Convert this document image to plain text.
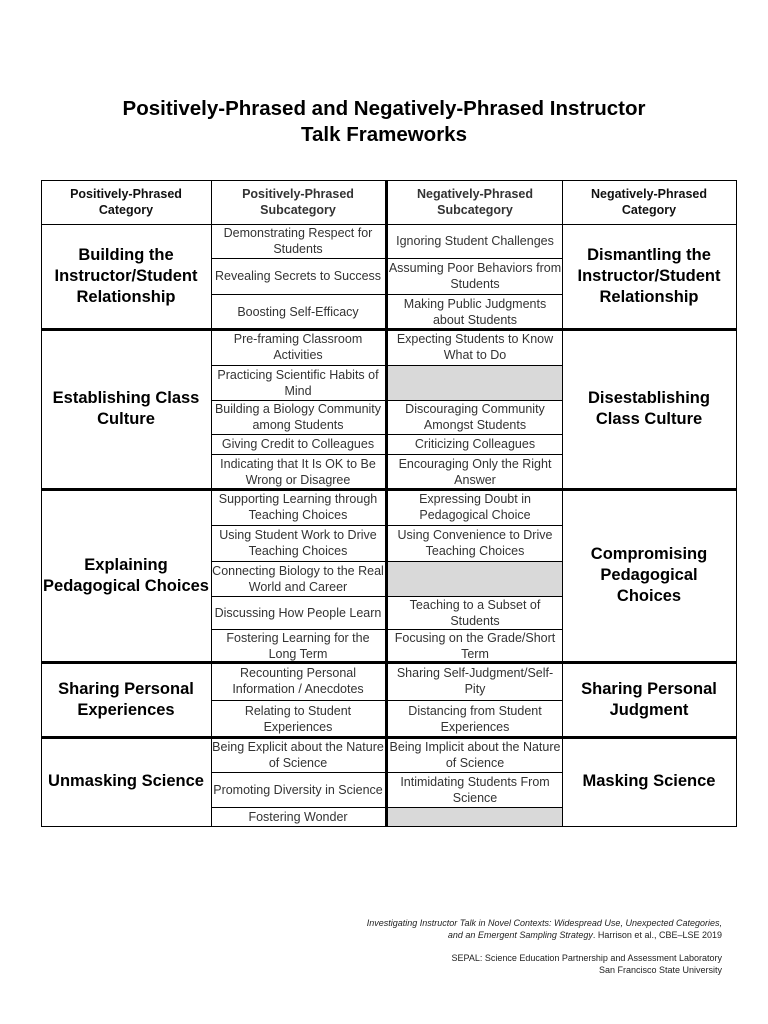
Positively-Phrased and Negatively-Phrased Instructor
Talk Frameworks
Positively-Phrased Category
Positively-Phrased Subcategory
Negatively-Phrased Subcategory
Negatively-Phrased Category
Building the Instructor/Student Relationship
Dismantling the Instructor/Student Relationship
Demonstrating Respect for Students
Ignoring Student Challenges
Revealing Secrets to Success
Assuming Poor Behaviors from Students
Boosting Self-Efficacy
Making Public Judgments about Students
Establishing Class Culture
Disestablishing Class Culture
Pre-framing Classroom Activities
Expecting Students to Know What to Do
Practicing Scientific Habits of Mind
Building a Biology Community among Students
Discouraging Community Amongst Students
Giving Credit to Colleagues	Criticizing Colleagues
Indicating that It Is OK to Be Wrong or Disagree
Encouraging Only the Right Answer
Explaining Pedagogical Choices
Compromising Pedagogical Choices
Supporting Learning through Teaching Choices
Expressing Doubt in Pedagogical Choice
Using Student Work to Drive Teaching Choices
Using Convenience to Drive Teaching Choices
Connecting Biology to the Real World and Career
Discussing How People Learn
Teaching to a Subset of Students
Fostering Learning for the Long Term
Focusing on the Grade/Short Term
Sharing Personal Experiences
Sharing Personal Judgment
Recounting Personal Information / Anecdotes
Sharing Self-Judgment/Self-Pity
Relating to Student Experiences
Distancing from Student Experiences
Unmasking Science	Masking Science
Being Explicit about the Nature of Science
Being Implicit about the Nature of Science
Promoting Diversity in Science
Intimidating Students From Science
Fostering Wonder
Investigating Instructor Talk in Novel Contexts: Widespread Use, Unexpected Categories,
and an Emergent Sampling Strategy. Harrison et al., CBE–LSE 2019
SEPAL: Science Education Partnership and Assessment Laboratory
San Francisco State University
